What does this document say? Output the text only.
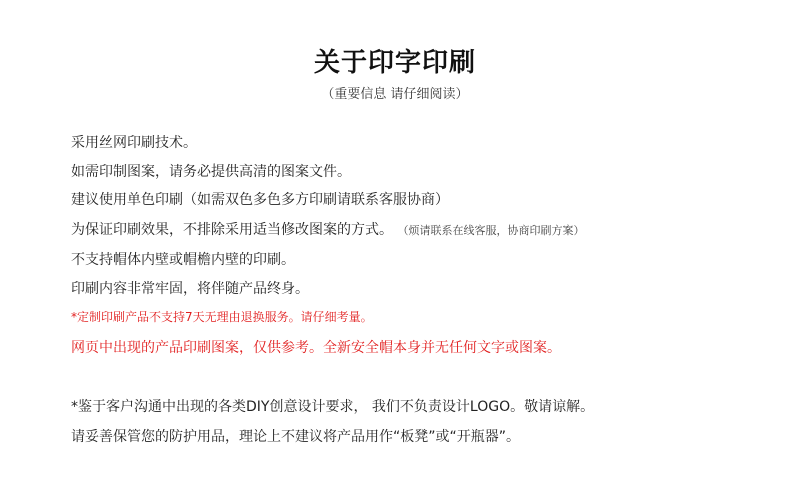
关于印字印刷
（重要信息 请仔细阅读）
采用丝网印刷技术。
如需印制图案，请务必提供高清的图案文件。
建议使用单色印刷（如需双色多色多方印刷请联系客服协商）
为保证印刷效果，不排除采用适当修改图案的方式。 （烦请联系在线客服，协商印刷方案）
不支持帽体内壁或帽檐内壁的印刷。
印刷内容非常牢固，将伴随产品终身。
*定制印刷产品不支持7天无理由退换服务。请仔细考量。
网页中出现的产品印刷图案，仅供参考。全新安全帽本身并无任何文字或图案。
*鉴于客户沟通中出现的各类DIY创意设计要求， 我们不负责设计LOGO。敬请谅解。
请妥善保管您的防护用品，理论上不建议将产品用作“板凳”或“开瓶器”。
